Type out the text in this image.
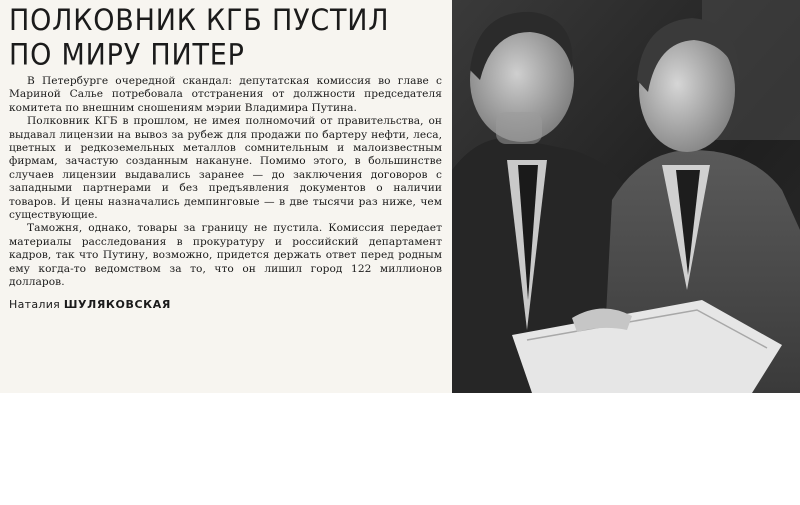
ПОЛКОВНИК КГБ ПУСТИЛ
ПО МИРУ ПИТЕР

В Петербурге очередной скандал: депутатская комиссия во главе с Мариной Салье потребовала отстранения от должности председателя комитета по внешним сношениям мэрии Владимира Путина.

Полковник КГБ в прошлом, не имея полномочий от правительства, он выдавал лицензии на вывоз за рубеж для продажи по бартеру нефти, леса, цветных и редкоземельных металлов сомнительным и малоизвестным фирмам, зачастую созданным накануне. Помимо этого, в большинстве случаев лицензии выдавались заранее — до заключения договоров с западными партнерами и без предъявления документов о наличии товаров. И цены назначались демпинговые — в две тысячи раз ниже, чем существующие.

Таможня, однако, товары за границу не пустила. Комиссия передает материалы расследования в прокуратуру и российский департамент кадров, так что Путину, возможно, придется держать ответ перед родным ему когда-то ведомством за то, что он лишил город 122 миллионов долларов.

Наталия ШУЛЯКОВСКАЯ
